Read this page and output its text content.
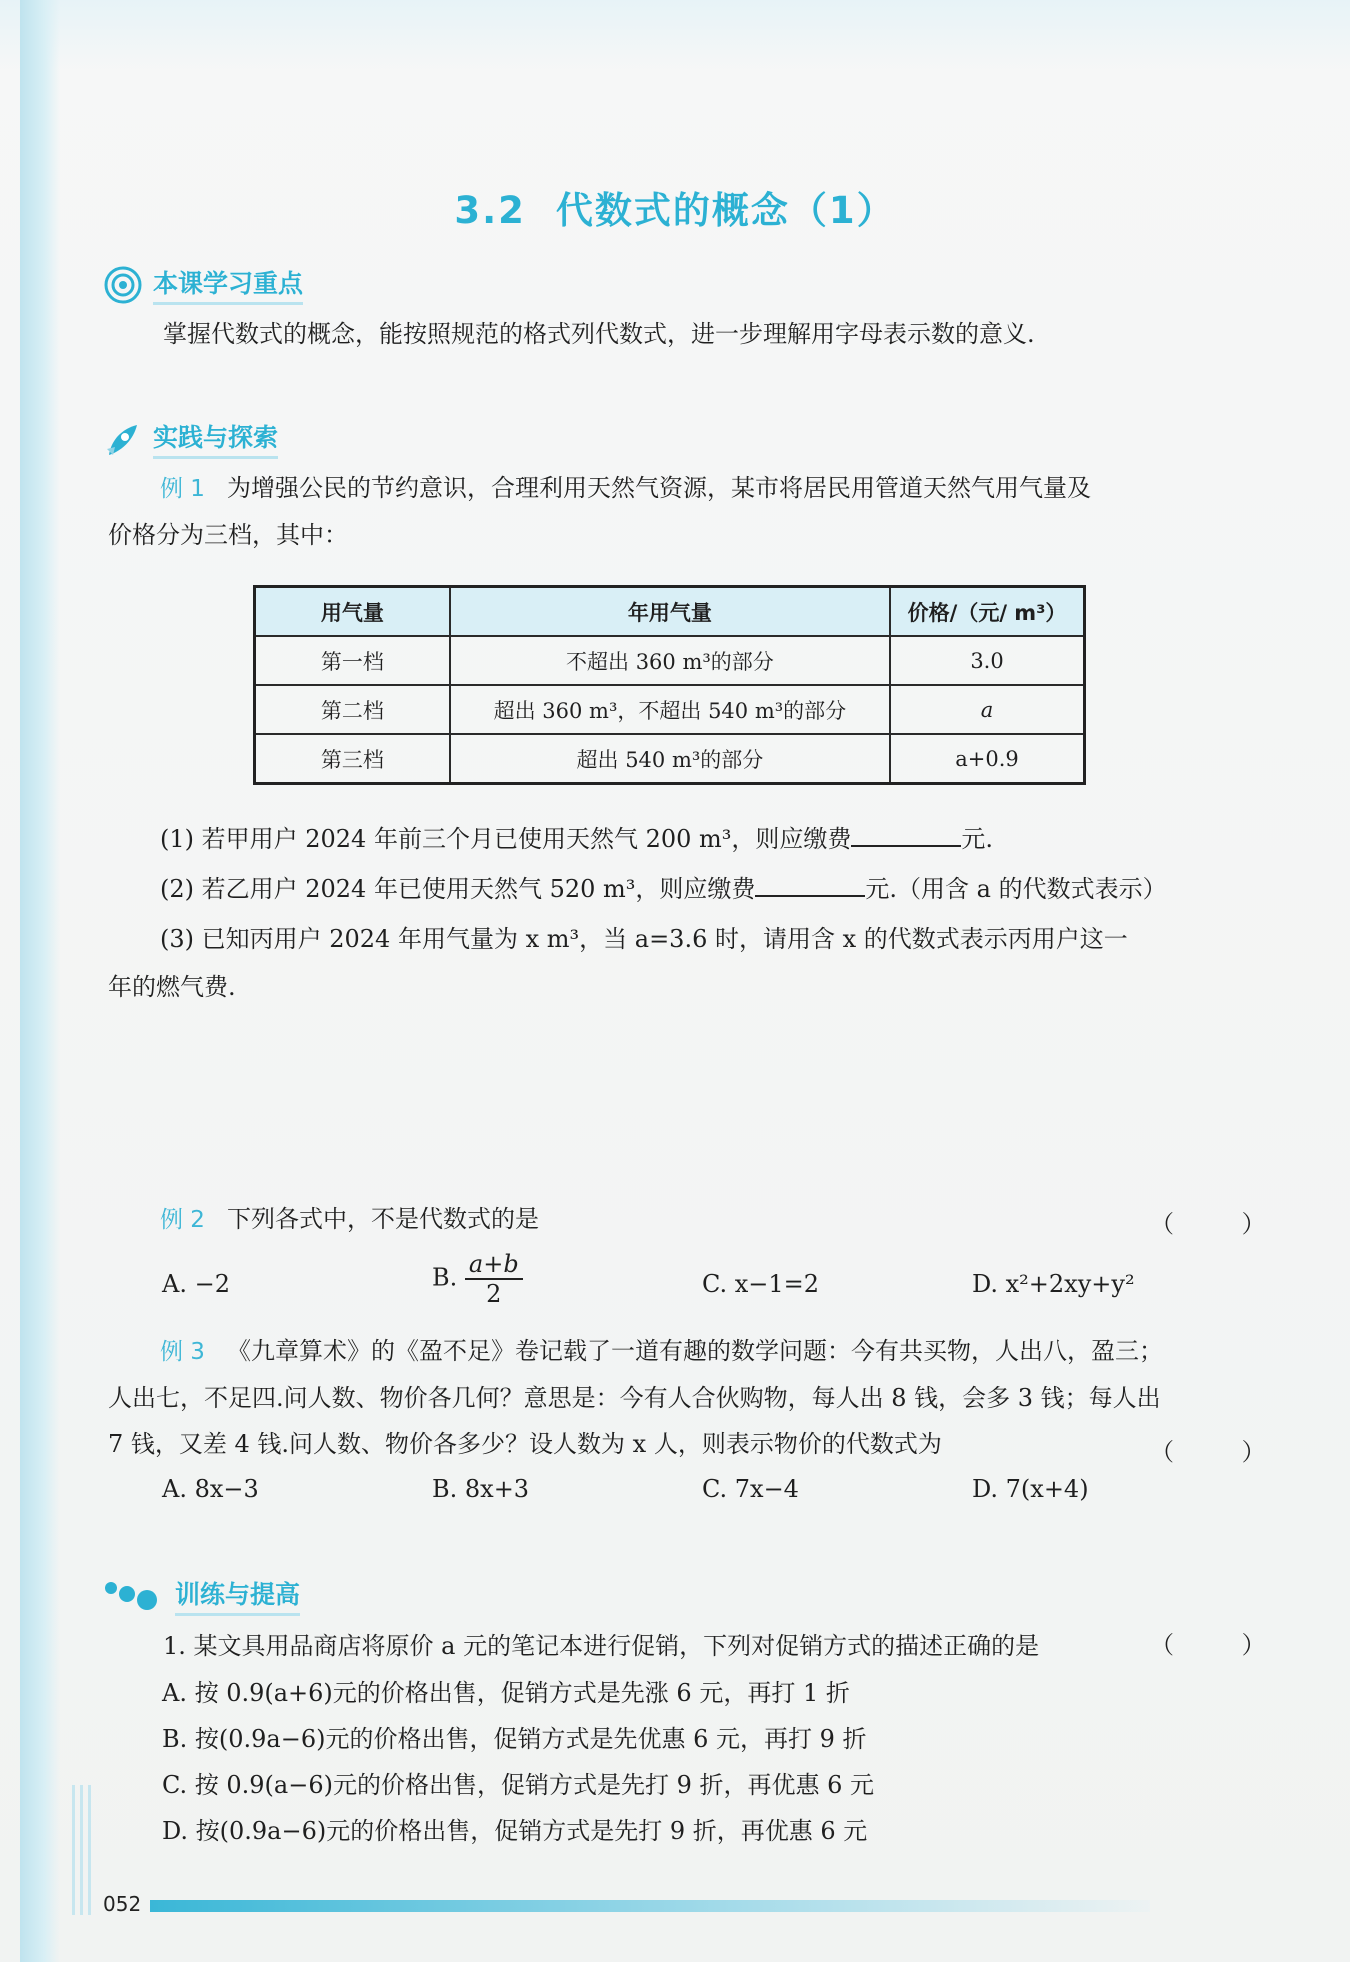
3.2 代数式的概念（1）
本课学习重点
掌握代数式的概念，能按照规范的格式列代数式，进一步理解用字母表示数的意义.
实践与探索
例 1 为增强公民的节约意识，合理利用天然气资源，某市将居民用管道天然气用气量及
价格分为三档，其中：
用气量	年用气量	价格/（元/ m³）
第一档	不超出 360 m³的部分	3.0
第二档	超出 360 m³，不超出 540 m³的部分	a
第三档	超出 540 m³的部分	a+0.9
(1) 若甲用户 2024 年前三个月已使用天然气 200 m³，则应缴费	元.
(2) 若乙用户 2024 年已使用天然气 520 m³，则应缴费	元.（用含 a 的代数式表示）
(3) 已知丙用户 2024 年用气量为 x m³，当 a=3.6 时，请用含 x 的代数式表示丙用户这一
年的燃气费.
例 2 下列各式中，不是代数式的是	（ ）
A. −2	B. $\frac{a+b}{2}$	C. x−1=2	D. x²+2xy+y²
例 3 《九章算术》的《盈不足》卷记载了一道有趣的数学问题：今有共买物，人出八，盈三；
人出七，不足四.问人数、物价各几何？意思是：今有人合伙购物，每人出 8 钱，会多 3 钱；每人出
7 钱，又差 4 钱.问人数、物价各多少？设人数为 x 人，则表示物价的代数式为	（ ）
A. 8x−3	B. 8x+3	C. 7x−4	D. 7(x+4)
训练与提高
1. 某文具用品商店将原价 a 元的笔记本进行促销，下列对促销方式的描述正确的是	（ ）
A. 按 0.9(a+6)元的价格出售，促销方式是先涨 6 元，再打 1 折
B. 按(0.9a−6)元的价格出售，促销方式是先优惠 6 元，再打 9 折
C. 按 0.9(a−6)元的价格出售，促销方式是先打 9 折，再优惠 6 元
D. 按(0.9a−6)元的价格出售，促销方式是先打 9 折，再优惠 6 元
052
